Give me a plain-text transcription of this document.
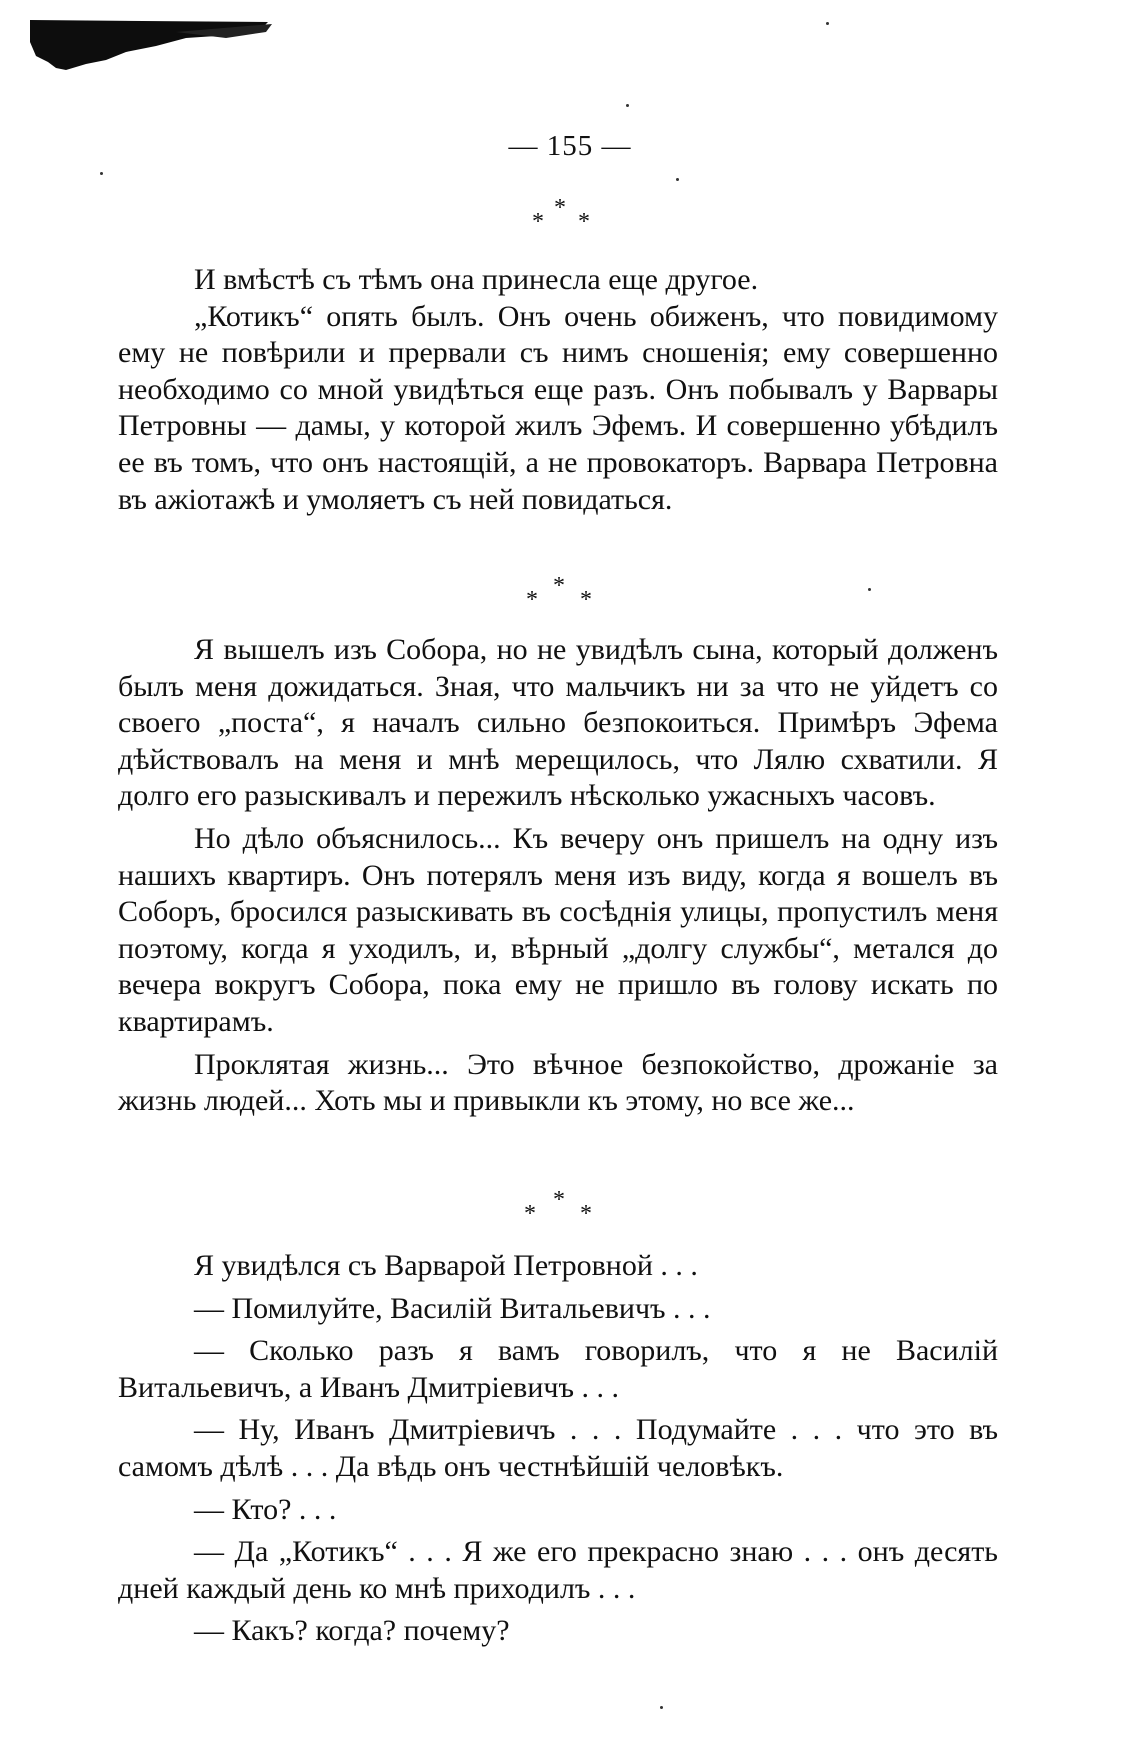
— 155 —
*
* *

И вмѣстѣ съ тѣмъ она принесла еще другое.

„Котикъ“ опять былъ. Онъ очень обиженъ, что повидимому ему не повѣрили и прервали съ нимъ сношенія; ему совершенно необходимо со мной увидѣться еще разъ. Онъ побывалъ у Варвары Петровны — дамы, у которой жилъ Эфемъ. И совершенно убѣдилъ ее въ томъ, что онъ настоящій, а не провокаторъ. Варвара Петровна въ ажіотажѣ и умоляетъ съ ней повидаться.

*
* *

Я вышелъ изъ Собора, но не увидѣлъ сына, который долженъ былъ меня дожидаться. Зная, что мальчикъ ни за что не уйдетъ со своего „поста“, я началъ сильно безпокоиться. Примѣръ Эфема дѣйствовалъ на меня и мнѣ мерещилось, что Лялю схватили. Я долго его разыскивалъ и пережилъ нѣсколько ужасныхъ часовъ.

Но дѣло объяснилось... Къ вечеру онъ пришелъ на одну изъ нашихъ квартиръ. Онъ потерялъ меня изъ виду, когда я вошелъ въ Соборъ, бросился разыскивать въ сосѣднія улицы, пропустилъ меня поэтому, когда я уходилъ, и, вѣрный „долгу службы“, метался до вечера вокругъ Собора, пока ему не пришло въ голову искать по квартирамъ.

Проклятая жизнь... Это вѣчное безпокойство, дрожаніе за жизнь людей... Хоть мы и привыкли къ этому, но все же...

*
* *

Я увидѣлся съ Варварой Петровной . . .

— Помилуйте, Василій Витальевичъ . . .

— Сколько разъ я вамъ говорилъ, что я не Василій Витальевичъ, а Иванъ Дмитріевичъ . . .

— Ну, Иванъ Дмитріевичъ . . . Подумайте . . . что это въ самомъ дѣлѣ . . . Да вѣдь онъ честнѣйшій человѣкъ.

— Кто? . . .

— Да „Котикъ“ . . . Я же его прекрасно знаю . . . онъ десять дней каждый день ко мнѣ приходилъ . . .

— Какъ? когда? почему?
